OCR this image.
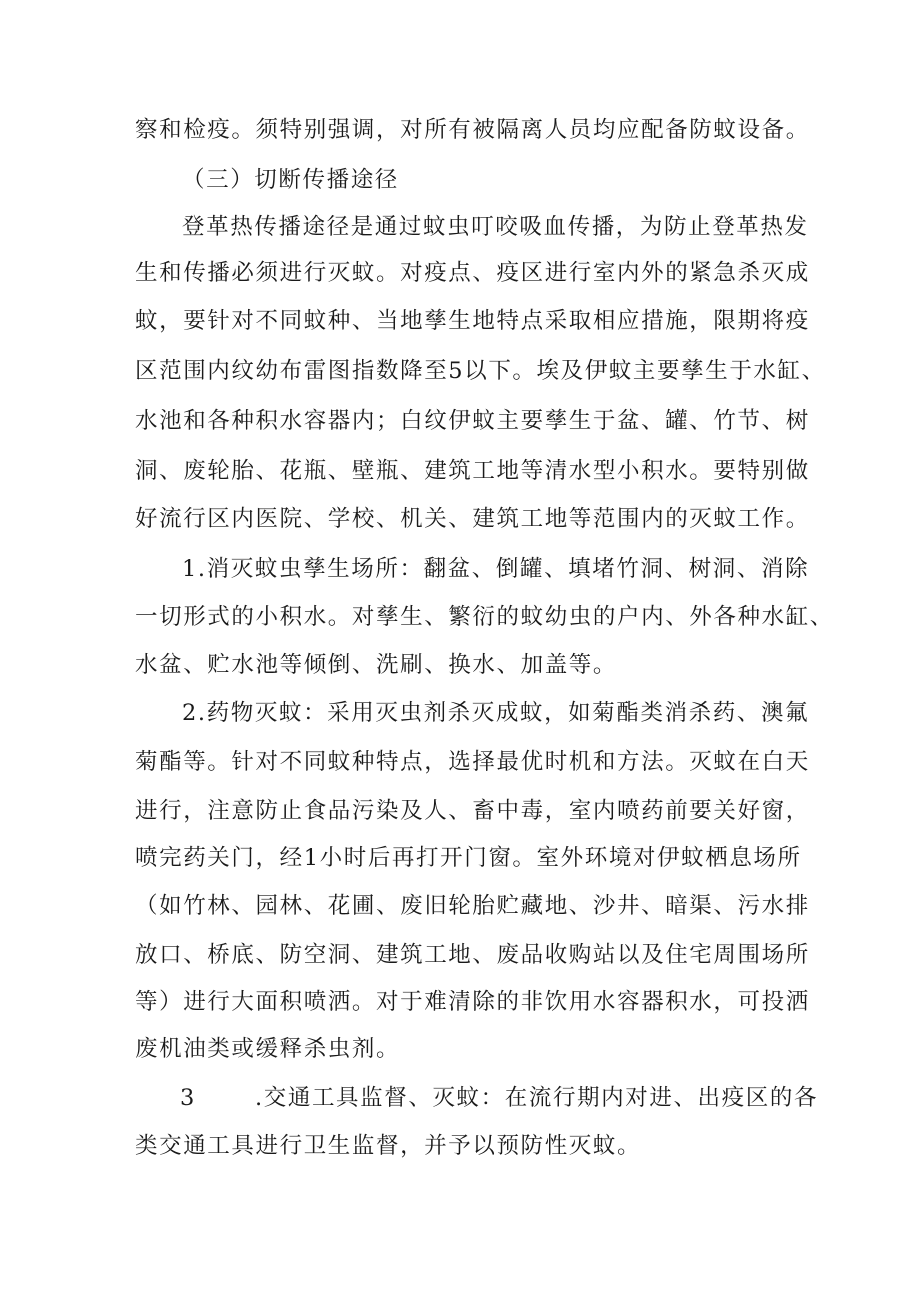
察和检疫。须特别强调，对所有被隔离人员均应配备防蚊设备。
（三）切断传播途径
登革热传播途径是通过蚊虫叮咬吸血传播，为防止登革热发
生和传播必须进行灭蚊。对疫点、疫区进行室内外的紧急杀灭成
蚊，要针对不同蚊种、当地孳生地特点采取相应措施，限期将疫
区范围内纹幼布雷图指数降至5以下。埃及伊蚊主要孳生于水缸、
水池和各种积水容器内；白纹伊蚊主要孳生于盆、罐、竹节、树
洞、废轮胎、花瓶、壁瓶、建筑工地等清水型小积水。要特别做
好流行区内医院、学校、机关、建筑工地等范围内的灭蚊工作。
1.消灭蚊虫孳生场所：翻盆、倒罐、填堵竹洞、树洞、消除
一切形式的小积水。对孳生、繁衍的蚊幼虫的户内、外各种水缸、
水盆、贮水池等倾倒、洗刷、换水、加盖等。
2.药物灭蚊：采用灭虫剂杀灭成蚊，如菊酯类消杀药、澳氟
菊酯等。针对不同蚊种特点，选择最优时机和方法。灭蚊在白天
进行，注意防止食品污染及人、畜中毒，室内喷药前要关好窗，
喷完药关门，经1小时后再打开门窗。室外环境对伊蚊栖息场所
（如竹林、园林、花圃、废旧轮胎贮藏地、沙井、暗渠、污水排
放口、桥底、防空洞、建筑工地、废品收购站以及住宅周围场所
等）进行大面积喷洒。对于难清除的非饮用水容器积水，可投洒
废机油类或缓释杀虫剂。
3	.交通工具监督、灭蚊：在流行期内对进、出疫区的各
类交通工具进行卫生监督，并予以预防性灭蚊。
